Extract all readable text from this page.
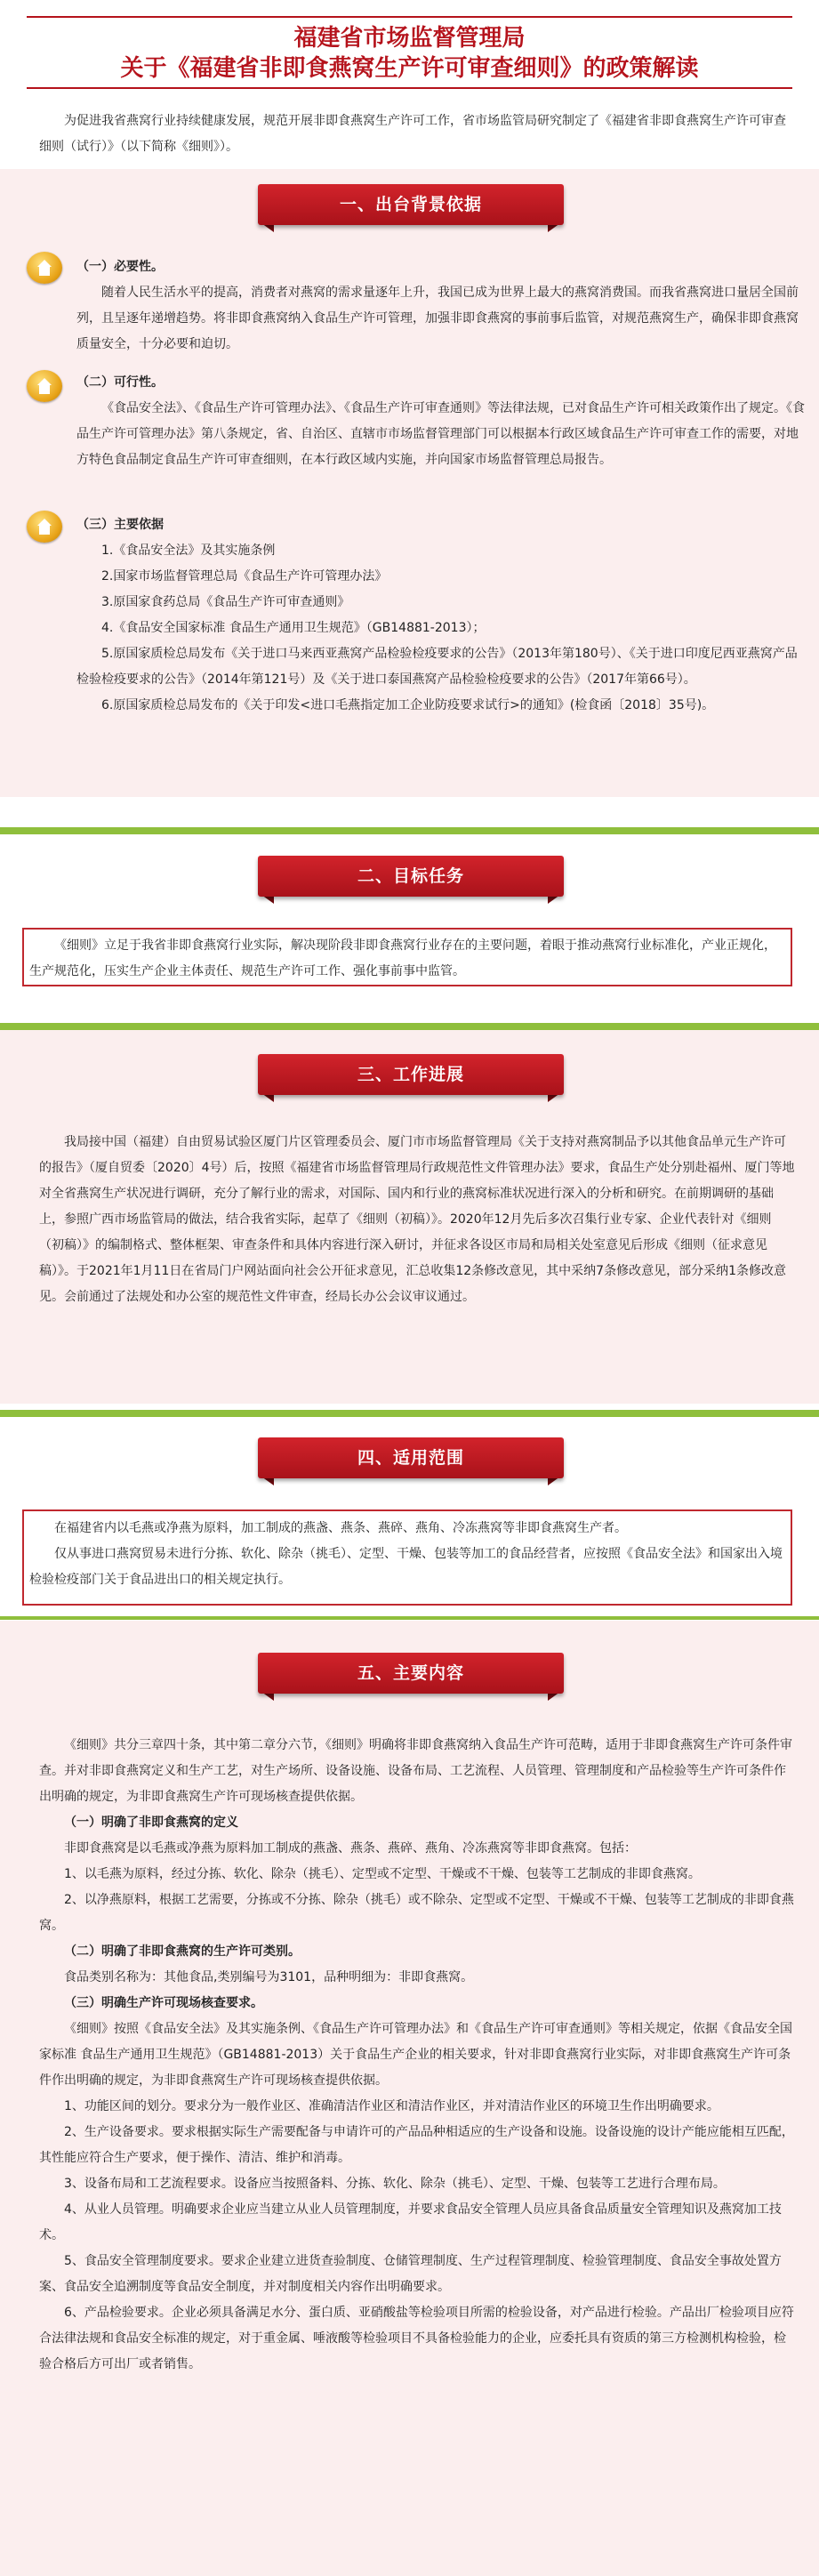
福建省市场监督管理局
关于《福建省非即食燕窝生产许可审查细则》的政策解读

为促进我省燕窝行业持续健康发展，规范开展非即食燕窝生产许可工作，省市场监管局研究制定了《福建省非即食燕窝生产许可审查细则（试行）》（以下简称《细则》）。

一、出台背景依据

（一）必要性。

随着人民生活水平的提高，消费者对燕窝的需求量逐年上升，我国已成为世界上最大的燕窝消费国。而我省燕窝进口量居全国前列，且呈逐年递增趋势。将非即食燕窝纳入食品生产许可管理，加强非即食燕窝的事前事后监管，对规范燕窝生产，确保非即食燕窝质量安全，十分必要和迫切。

（二）可行性。

《食品安全法》、《食品生产许可管理办法》、《食品生产许可审查通则》等法律法规，已对食品生产许可相关政策作出了规定。《食品生产许可管理办法》第八条规定，省、自治区、直辖市市场监督管理部门可以根据本行政区域食品生产许可审查工作的需要，对地方特色食品制定食品生产许可审查细则，在本行政区域内实施，并向国家市场监督管理总局报告。

（三）主要依据

1.《食品安全法》及其实施条例

2.国家市场监督管理总局《食品生产许可管理办法》

3.原国家食药总局《食品生产许可审查通则》

4.《食品安全国家标准 食品生产通用卫生规范》（GB14881-2013）；

5.原国家质检总局发布《关于进口马来西亚燕窝产品检验检疫要求的公告》（2013年第180号）、《关于进口印度尼西亚燕窝产品检验检疫要求的公告》（2014年第121号）及《关于进口泰国燕窝产品检验检疫要求的公告》（2017年第66号）。

6.原国家质检总局发布的《关于印发<进口毛燕指定加工企业防疫要求试行>的通知》(检食函〔2018〕35号)。

二、目标任务

《细则》立足于我省非即食燕窝行业实际，解决现阶段非即食燕窝行业存在的主要问题，着眼于推动燕窝行业标准化，产业正规化，生产规范化，压实生产企业主体责任、规范生产许可工作、强化事前事中监管。

三、工作进展

我局接中国（福建）自由贸易试验区厦门片区管理委员会、厦门市市场监督管理局《关于支持对燕窝制品予以其他食品单元生产许可的报告》（厦自贸委〔2020〕4号）后，按照《福建省市场监督管理局行政规范性文件管理办法》要求，食品生产处分别赴福州、厦门等地对全省燕窝生产状况进行调研，充分了解行业的需求，对国际、国内和行业的燕窝标准状况进行深入的分析和研究。在前期调研的基础上，参照广西市场监管局的做法，结合我省实际，起草了《细则（初稿）》。2020年12月先后多次召集行业专家、企业代表针对《细则（初稿）》的编制格式、整体框架、审查条件和具体内容进行深入研讨，并征求各设区市局和局相关处室意见后形成《细则（征求意见稿）》。于2021年1月11日在省局门户网站面向社会公开征求意见，汇总收集12条修改意见，其中采纳7条修改意见，部分采纳1条修改意见。会前通过了法规处和办公室的规范性文件审查，经局长办公会议审议通过。

四、适用范围

在福建省内以毛燕或净燕为原料，加工制成的燕盏、燕条、燕碎、燕角、冷冻燕窝等非即食燕窝生产者。

仅从事进口燕窝贸易未进行分拣、软化、除杂（挑毛）、定型、干燥、包装等加工的食品经营者，应按照《食品安全法》和国家出入境检验检疫部门关于食品进出口的相关规定执行。

五、主要内容

《细则》共分三章四十条，其中第二章分六节，《细则》明确将非即食燕窝纳入食品生产许可范畴，适用于非即食燕窝生产许可条件审查。并对非即食燕窝定义和生产工艺，对生产场所、设备设施、设备布局、工艺流程、人员管理、管理制度和产品检验等生产许可条件作出明确的规定，为非即食燕窝生产许可现场核查提供依据。

（一）明确了非即食燕窝的定义

非即食燕窝是以毛燕或净燕为原料加工制成的燕盏、燕条、燕碎、燕角、冷冻燕窝等非即食燕窝。包括：

1、以毛燕为原料，经过分拣、软化、除杂（挑毛）、定型或不定型、干燥或不干燥、包装等工艺制成的非即食燕窝。

2、以净燕原料，根据工艺需要，分拣或不分拣、除杂（挑毛）或不除杂、定型或不定型、干燥或不干燥、包装等工艺制成的非即食燕窝。

（二）明确了非即食燕窝的生产许可类别。

食品类别名称为：其他食品,类别编号为3101，品种明细为：非即食燕窝。

（三）明确生产许可现场核查要求。

《细则》按照《食品安全法》及其实施条例、《食品生产许可管理办法》和《食品生产许可审查通则》等相关规定，依据《食品安全国家标准 食品生产通用卫生规范》（GB14881-2013）关于食品生产企业的相关要求，针对非即食燕窝行业实际，对非即食燕窝生产许可条件作出明确的规定，为非即食燕窝生产许可现场核查提供依据。

1、功能区间的划分。要求分为一般作业区、准确清洁作业区和清洁作业区，并对清洁作业区的环境卫生作出明确要求。

2、生产设备要求。要求根据实际生产需要配备与申请许可的产品品种相适应的生产设备和设施。设备设施的设计产能应能相互匹配，其性能应符合生产要求，便于操作、清洁、维护和消毒。

3、设备布局和工艺流程要求。设备应当按照备料、分拣、软化、除杂（挑毛）、定型、干燥、包装等工艺进行合理布局。

4、从业人员管理。明确要求企业应当建立从业人员管理制度，并要求食品安全管理人员应具备食品质量安全管理知识及燕窝加工技术。

5、食品安全管理制度要求。要求企业建立进货查验制度、仓储管理制度、生产过程管理制度、检验管理制度、食品安全事故处置方案、食品安全追溯制度等食品安全制度，并对制度相关内容作出明确要求。

6、产品检验要求。企业必须具备满足水分、蛋白质、亚硝酸盐等检验项目所需的检验设备，对产品进行检验。产品出厂检验项目应符合法律法规和食品安全标准的规定，对于重金属、唾液酸等检验项目不具备检验能力的企业，应委托具有资质的第三方检测机构检验，检验合格后方可出厂或者销售。
